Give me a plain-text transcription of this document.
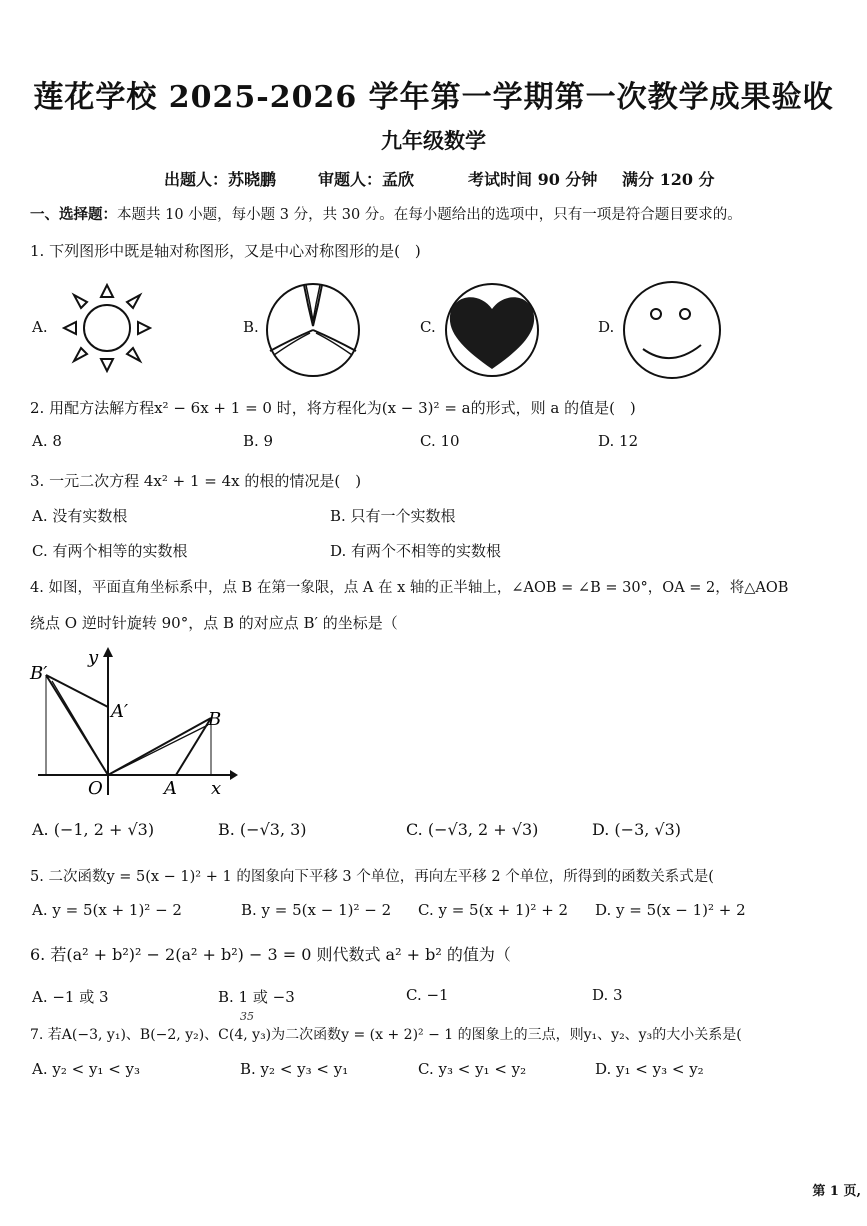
莲花学校 2025-2026 学年第一学期第一次教学成果验收
九年级数学
出题人：苏晓鹏	审题人：孟欣	考试时间 90 分钟 满分 120 分
一、选择题：本题共 10 小题，每小题 3 分，共 30 分。在每小题给出的选项中，只有一项是符合题目要求的。
1. 下列图形中既是轴对称图形，又是中心对称图形的是(　)
A.	B.	C.	D.
2. 用配方法解方程x² − 6x + 1 = 0 时，将方程化为(x − 3)² = a的形式，则 a 的值是(　)
A. 8	B. 9	C. 10	D. 12
3. 一元二次方程 4x² + 1 = 4x 的根的情况是(　)
A. 没有实数根	B. 只有一个实数根
C. 有两个相等的实数根	D. 有两个不相等的实数根
4. 如图，平面直角坐标系中，点 B 在第一象限，点 A 在 x 轴的正半轴上，∠AOB = ∠B = 30°，OA = 2，将△AOB
绕点 O 逆时针旋转 90°，点 B 的对应点 B′ 的坐标是（
y
x
O	A
B
A′
B′
A. (−1, 2 + √3)	B. (−√3, 3)	C. (−√3, 2 + √3)	D. (−3, √3)
5. 二次函数y = 5(x − 1)² + 1 的图象向下平移 3 个单位，再向左平移 2 个单位，所得到的函数关系式是(
A. y = 5(x + 1)² − 2	B. y = 5(x − 1)² − 2 C. y = 5(x + 1)² + 2 D. y = 5(x − 1)² + 2
6. 若(a² + b²)² − 2(a² + b²) − 3 = 0 则代数式 a² + b² 的值为（
A. −1 或 3	B. 1 或 −3	C. −1	D. 3
35
7. 若A(−3, y₁)、B(−2, y₂)、C(4, y₃)为二次函数y = (x + 2)² − 1 的图象上的三点，则y₁、y₂、y₃的大小关系是(
A. y₂ < y₁ < y₃	B. y₂ < y₃ < y₁	C. y₃ < y₁ < y₂	D. y₁ < y₃ < y₂
第 1 页,
